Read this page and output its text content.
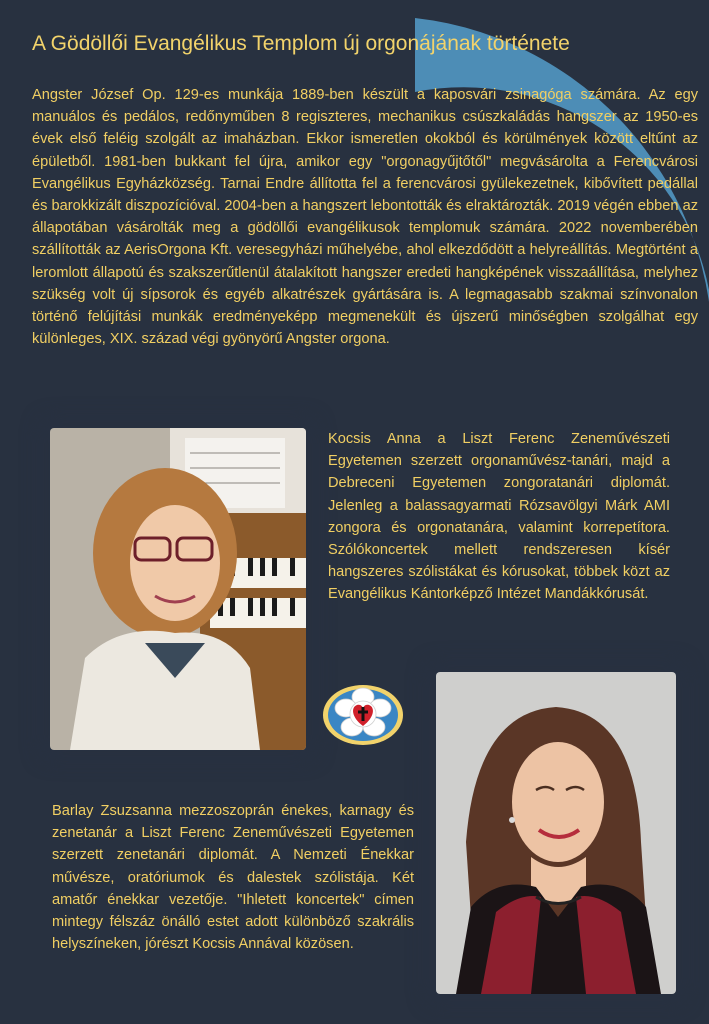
A Gödöllői Evangélikus Templom új orgonájának története

Angster József Op. 129-es munkája 1889-ben készült a kaposvári zsinagóga számára. Az egy manuálos és pedálos, redőnyműben 8 regiszteres, mechanikus csúszkaládás hangszer az 1950-es évek első feléig szolgált az imaházban. Ekkor ismeretlen okokból és körülmények között eltűnt az épületből. 1981-ben bukkant fel újra, amikor egy "orgonagyűjtőtől" megvásárolta a Ferencvárosi Evangélikus Egyházközség. Tarnai Endre állította fel a ferencvárosi gyülekezetnek, kibővített pedállal és barokkizált diszpozícióval. 2004-ben a hangszert lebontották és elraktározták. 2019 végén ebben az állapotában vásárolták meg a gödöllői evangélikusok templomuk számára. 2022 novemberében szállították az AerisOrgona Kft. veresegyházi műhelyébe, ahol elkezdődött a helyreállítás. Megtörtént a leromlott állapotú és szakszerűtlenül átalakított hangszer eredeti hangképének visszaállítása, melyhez szükség volt új sípsorok és egyéb alkatrészek gyártására is. A legmagasabb szakmai színvonalon történő felújítási munkák eredményeképp megmenekült és újszerű minőségben szolgálhat egy különleges, XIX. század végi gyönyörű Angster orgona.

Kocsis Anna a Liszt Ferenc Zeneművészeti Egyetemen szerzett orgonaművész-tanári, majd a Debreceni Egyetemen zongoratanári diplomát. Jelenleg a balassagyarmati Rózsavölgyi Márk AMI zongora és orgonatanára, valamint korrepetítora. Szólókoncertek mellett rendszeresen kísér hangszeres szólistákat és kórusokat, többek közt az Evangélikus Kántorképző Intézet Mandákkórusát.
Barlay Zsuzsanna mezzoszoprán énekes, karnagy és zenetanár a Liszt Ferenc Zeneművészeti Egyetemen szerzett zenetanári diplomát. A Nemzeti Énekkar művésze, oratóriumok és dalestek szólistája. Két amatőr énekkar vezetője. "Ihletett koncertek" címen mintegy félszáz önálló estet adott különböző szakrális helyszíneken, jórészt Kocsis Annával közösen.
